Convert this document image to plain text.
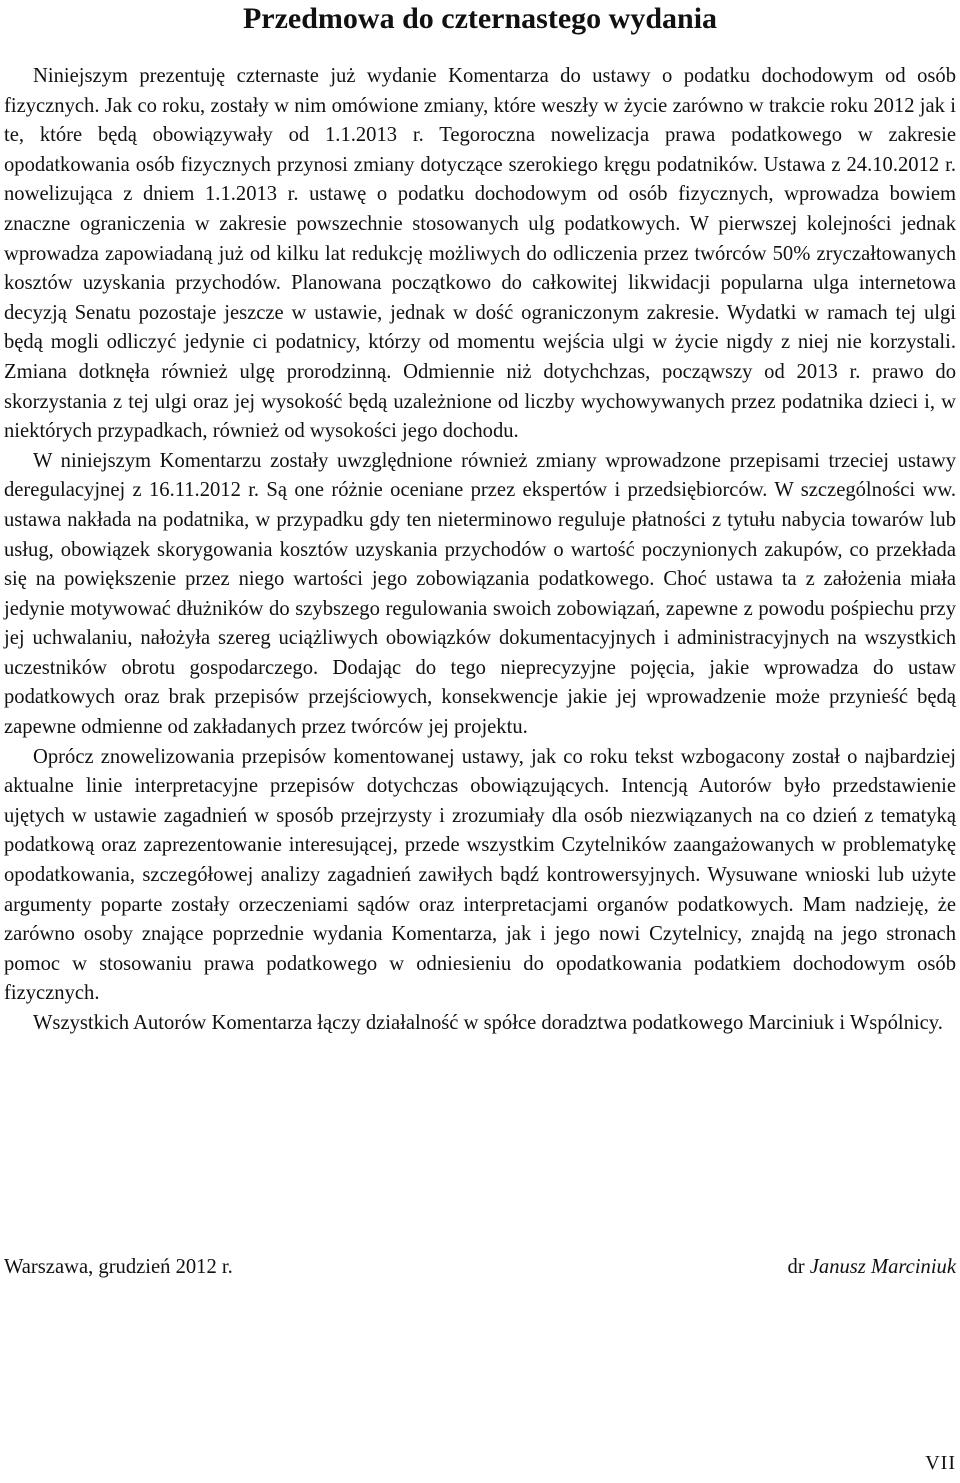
Przedmowa do czternastego wydania

Niniejszym prezentuję czternaste już wydanie Komentarza do ustawy o podatku dochodowym od osób fizycznych. Jak co roku, zostały w nim omówione zmiany, które weszły w życie zarówno w trakcie roku 2012 jak i te, które będą obowiązywały od 1.1.2013 r. Tegoroczna nowelizacja prawa podatkowego w zakresie opodatkowania osób fizycznych przynosi zmiany dotyczące szerokiego kręgu podatników. Ustawa z 24.10.2012 r. nowelizująca z dniem 1.1.2013 r. ustawę o podatku dochodowym od osób fizycznych, wprowadza bowiem znaczne ograniczenia w zakresie powszechnie stosowanych ulg podatkowych. W pierwszej kolejności jednak wprowadza zapowiadaną już od kilku lat redukcję możliwych do odliczenia przez twórców 50% zryczałtowanych kosztów uzyskania przychodów. Planowana początkowo do całkowitej likwidacji popularna ulga internetowa decyzją Senatu pozostaje jeszcze w ustawie, jednak w dość ograniczonym zakresie. Wydatki w ramach tej ulgi będą mogli odliczyć jedynie ci podatnicy, którzy od momentu wejścia ulgi w życie nigdy z niej nie korzystali. Zmiana dotknęła również ulgę prorodzinną. Odmiennie niż dotychchzas, począwszy od 2013 r. prawo do skorzystania z tej ulgi oraz jej wysokość będą uzależnione od liczby wychowywanych przez podatnika dzieci i, w niektórych przypadkach, również od wysokości jego dochodu.

W niniejszym Komentarzu zostały uwzględnione również zmiany wprowadzone przepisami trzeciej ustawy deregulacyjnej z 16.11.2012 r. Są one różnie oceniane przez ekspertów i przedsiębiorców. W szczególności ww. ustawa nakłada na podatnika, w przypadku gdy ten nieterminowo reguluje płatności z tytułu nabycia towarów lub usług, obowiązek skorygowania kosztów uzyskania przychodów o wartość poczynionych zakupów, co przekłada się na powiększenie przez niego wartości jego zobowiązania podatkowego. Choć ustawa ta z założenia miała jedynie motywować dłużników do szybszego regulowania swoich zobowiązań, zapewne z powodu pośpiechu przy jej uchwalaniu, nałożyła szereg uciążliwych obowiązków dokumentacyjnych i administracyjnych na wszystkich uczestników obrotu gospodarczego. Dodając do tego nieprecyzyjne pojęcia, jakie wprowadza do ustaw podatkowych oraz brak przepisów przejściowych, konsekwencje jakie jej wprowadzenie może przynieść będą zapewne odmienne od zakładanych przez twórców jej projektu.

Oprócz znowelizowania przepisów komentowanej ustawy, jak co roku tekst wzbogacony został o najbardziej aktualne linie interpretacyjne przepisów dotychczas obowiązujących. Intencją Autorów było przedstawienie ujętych w ustawie zagadnień w sposób przejrzysty i zrozumiały dla osób niezwiązanych na co dzień z tematyką podatkową oraz zaprezentowanie interesującej, przede wszystkim Czytelników zaangażowanych w problematykę opodatkowania, szczegółowej analizy zagadnień zawiłych bądź kontrowersyjnych. Wysuwane wnioski lub użyte argumenty poparte zostały orzeczeniami sądów oraz interpretacjami organów podatkowych. Mam nadzieję, że zarówno osoby znające poprzednie wydania Komentarza, jak i jego nowi Czytelnicy, znajdą na jego stronach pomoc w stosowaniu prawa podatkowego w odniesieniu do opodatkowania podatkiem dochodowym osób fizycznych.

Wszystkich Autorów Komentarza łączy działalność w spółce doradztwa podatkowego Marciniuk i Wspólnicy.

Warszawa, grudzień 2012 r.	dr Janusz Marciniuk
VII
